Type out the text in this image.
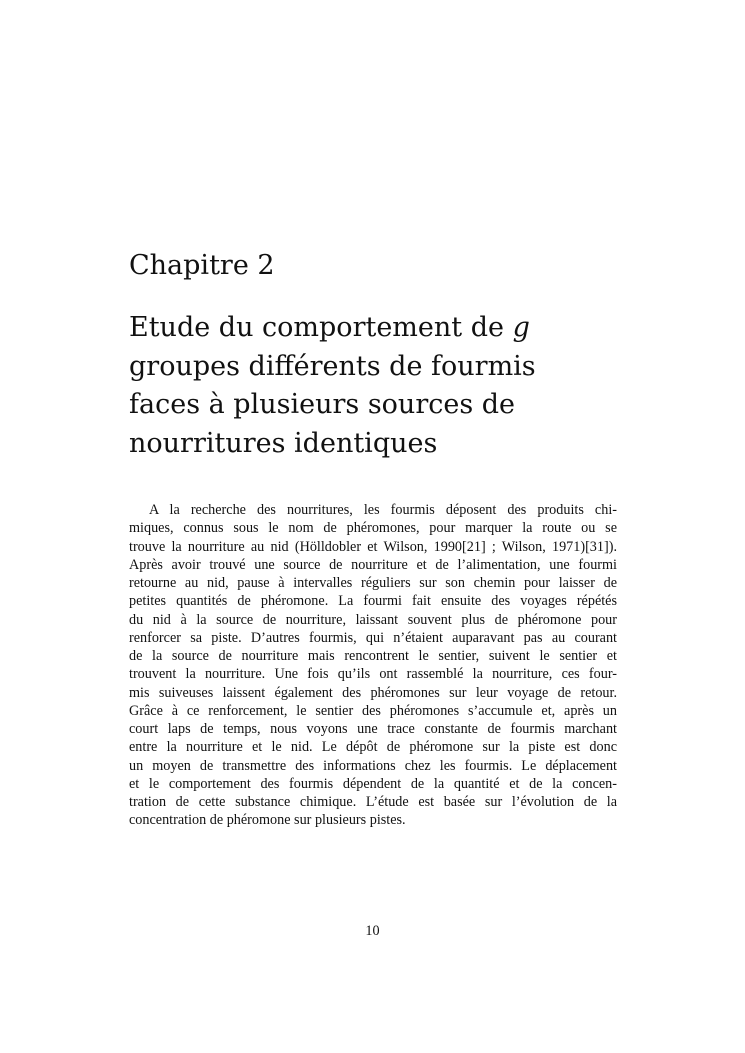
Chapitre 2
Etude du comportement de g
groupes différents de fourmis
faces à plusieurs sources de
nourritures identiques
A la recherche des nourritures, les fourmis déposent des produits chi-
miques, connus sous le nom de phéromones, pour marquer la route ou se
trouve la nourriture au nid (Hölldobler et Wilson, 1990[21] ; Wilson, 1971)[31]).
Après avoir trouvé une source de nourriture et de l’alimentation, une fourmi
retourne au nid, pause à intervalles réguliers sur son chemin pour laisser de
petites quantités de phéromone. La fourmi fait ensuite des voyages répétés
du nid à la source de nourriture, laissant souvent plus de phéromone pour
renforcer sa piste. D’autres fourmis, qui n’étaient auparavant pas au courant
de la source de nourriture mais rencontrent le sentier, suivent le sentier et
trouvent la nourriture. Une fois qu’ils ont rassemblé la nourriture, ces four-
mis suiveuses laissent également des phéromones sur leur voyage de retour.
Grâce à ce renforcement, le sentier des phéromones s’accumule et, après un
court laps de temps, nous voyons une trace constante de fourmis marchant
entre la nourriture et le nid. Le dépôt de phéromone sur la piste est donc
un moyen de transmettre des informations chez les fourmis. Le déplacement
et le comportement des fourmis dépendent de la quantité et de la concen-
tration de cette substance chimique. L’étude est basée sur l’évolution de la
concentration de phéromone sur plusieurs pistes.
10
